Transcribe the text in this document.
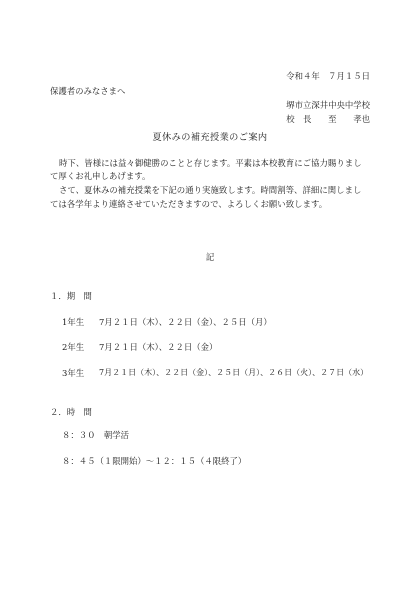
令和４年　７月１５日
保護者のみなさまへ
堺市立深井中央中学校
校　長　　至　　孝也
夏休みの補充授業のご案内
時下、皆様には益々御健勝のことと存じます。平素は本校教育にご協力賜りまし
て厚くお礼申しあげます。
さて、夏休みの補充授業を下記の通り実施致します。時間割等、詳細に関しまし
ては各学年より連絡させていただきますので、よろしくお願い致します。
記
１．期　間
1年生 7月２１日（木）、２２日（金）、２５日（月）
2年生 7月２１日（木）、２２日（金）
3年生 7月２１日（木）、２２日（金）、２５日（月）、２６日（火）、２７日（水）
２．時　間
８：３０　朝学活
８：４５（１限開始）〜１２：１５（４限終了）
